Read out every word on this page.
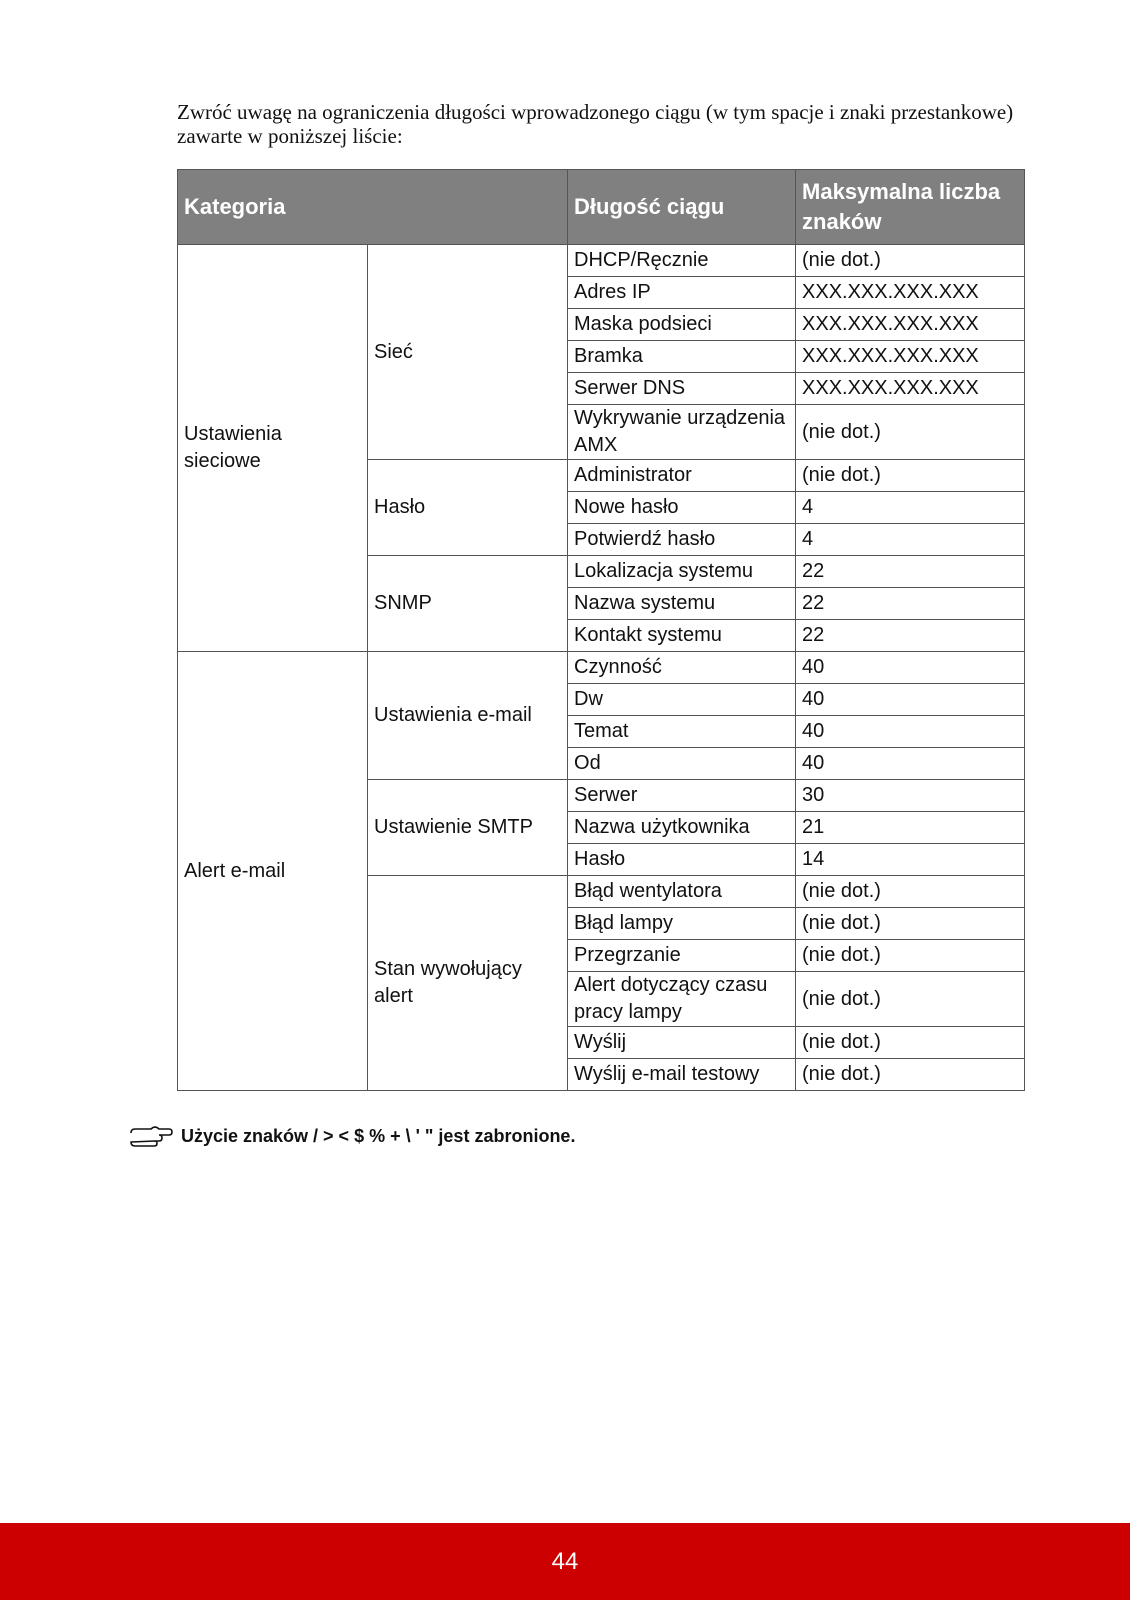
Zwróć uwagę na ograniczenia długości wprowadzonego ciągu (w tym spacje i znaki przestankowe) zawarte w poniższej liście:

Kategoria		Długość ciągu	Maksymalna liczba znaków
Ustawienia sieciowe	Sieć	DHCP/Ręcznie	(nie dot.)
		Adres IP	XXX.XXX.XXX.XXX
		Maska podsieci	XXX.XXX.XXX.XXX
		Bramka	XXX.XXX.XXX.XXX
		Serwer DNS	XXX.XXX.XXX.XXX
		Wykrywanie urządzenia AMX	(nie dot.)
	Hasło	Administrator	(nie dot.)
		Nowe hasło	4
		Potwierdź hasło	4
	SNMP	Lokalizacja systemu	22
		Nazwa systemu	22
		Kontakt systemu	22
Alert e-mail	Ustawienia e-mail	Czynność	40
		Dw	40
		Temat	40
		Od	40
	Ustawienie SMTP	Serwer	30
		Nazwa użytkownika	21
		Hasło	14
	Stan wywołujący alert	Błąd wentylatora	(nie dot.)
		Błąd lampy	(nie dot.)
		Przegrzanie	(nie dot.)
		Alert dotyczący czasu pracy lampy	(nie dot.)
		Wyślij	(nie dot.)
		Wyślij e-mail testowy	(nie dot.)
Użycie znaków / > < $ % + \ ' " jest zabronione.
44
